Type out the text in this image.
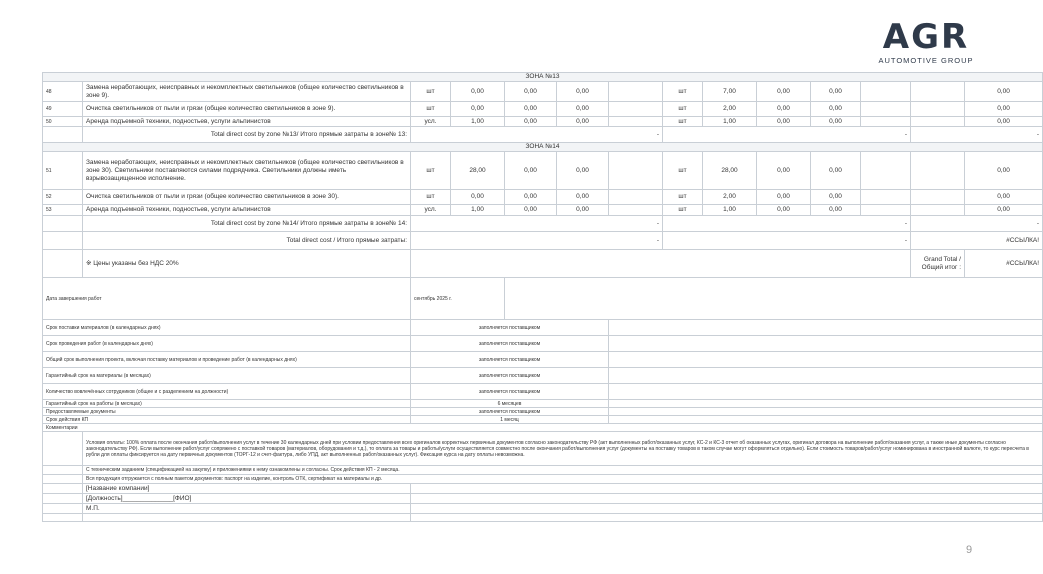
AGR
AUTOMOTIVE GROUP
ЗОНА №13													
48	Замена неработающих, неисправных и некомплектных светильников (общее количество светильников в зоне 9).	шт	0,00	0,00	0,00		шт	7,00	0,00	0,00			0,00
49	Очистка светильников от пыли и грязи (общее количество светильников в зоне 9).	шт	0,00	0,00	0,00		шт	2,00	0,00	0,00			0,00
50	Аренда подъемной техники, подностьев, услуги альпинистов	усл.	1,00	0,00	0,00		шт	1,00	0,00	0,00			0,00
	Total direct cost by zone №13/ Итого прямые затраты в зоне№ 13:	-					-					-	
ЗОНА №14													
51	Замена неработающих, неисправных и некомплектных светильников (общее количество светильников в зоне 30). Светильники поставляются силами подрядчика. Светильники должны иметь взрывозащищенное исполнение.	шт	28,00	0,00	0,00		шт	28,00	0,00	0,00			0,00
52	Очистка светильников от пыли и грязи (общее количество светильников в зоне 30).	шт	0,00	0,00	0,00		шт	2,00	0,00	0,00			0,00
53	Аренда подъемной техники, подностьев, услуги альпинистов	усл.	1,00	0,00	0,00		шт	1,00	0,00	0,00			0,00
	Total direct cost by zone №14/ Итого прямые затраты в зоне№ 14:	-					-					-	
	Total direct cost / Итого прямые затраты:	-					-					#ССЫЛКА!	
	※ Цены указаны без НДС 20%											Grand Total / Общий итог :	#ССЫЛКА!
Дата завершения работ		сентябрь 2025 г.											
Срок поставки материалов (в календарных днях)		заполняется поставщиком											
Срок проведения работ (в календарных днях)		заполняется поставщиком											
Общий срок выполнения проекта, включая поставку материалов и проведение работ (в календарных днях)		заполняется поставщиком											
Гарантийный срок на материалы (в месяцах)		заполняется поставщиком											
Количество вовлечённых сотрудников (общее и с разделением на должности)		заполняется поставщиком											
Гарантийный срок на работы (в месяцах)		6 месяцев											
Предоставляемые документы		заполняется поставщиком											
Срок действия КП		1 месяц											
Комментарии													
	Условия оплаты: 100% оплата после окончания работ/выполнения услуг в течение 30 календарных дней при условии предоставления всех оригиналов корректных первичных документов согласно законодательству РФ (акт выполненных работ/оказанных услуг, КС-2 и КС-3 отчет об оказанных услугах, оригинал договора на выполнение работ/оказания услуг, а также иные документы согласно законодательству РФ). Если выполнение работ/услуг сопряжено с поставкой товаров (материалов, оборудования и т.д.), то оплата за товары и работы/услуги осуществляется совместно после окончания работ/выполнения услуг (документы на поставку товаров в таком случае могут оформляться отдельно). Если стоимость товаров/работ/услуг номинирована в иностранной валюте, то курс пересчета в рубли для оплаты фиксируется на дату первичных документов (ТОРГ-12 и счет-фактура, либо УПД, акт выполненных работ/оказанных услуг). Фиксация курса на дату оплаты невозможна.												
	С техническим заданием (спецификацией на закупку) и приложениями к нему ознакомлены и согласны. Срок действия КП - 2 месяца.												
	Вся продукция отгружается с полным пакетом документов: паспорт на изделие, контроль ОТК, сертификат на материалы и др.												
	[Название компании]												
	[Должность]______________[ФИО]												
	М.П.												

9
